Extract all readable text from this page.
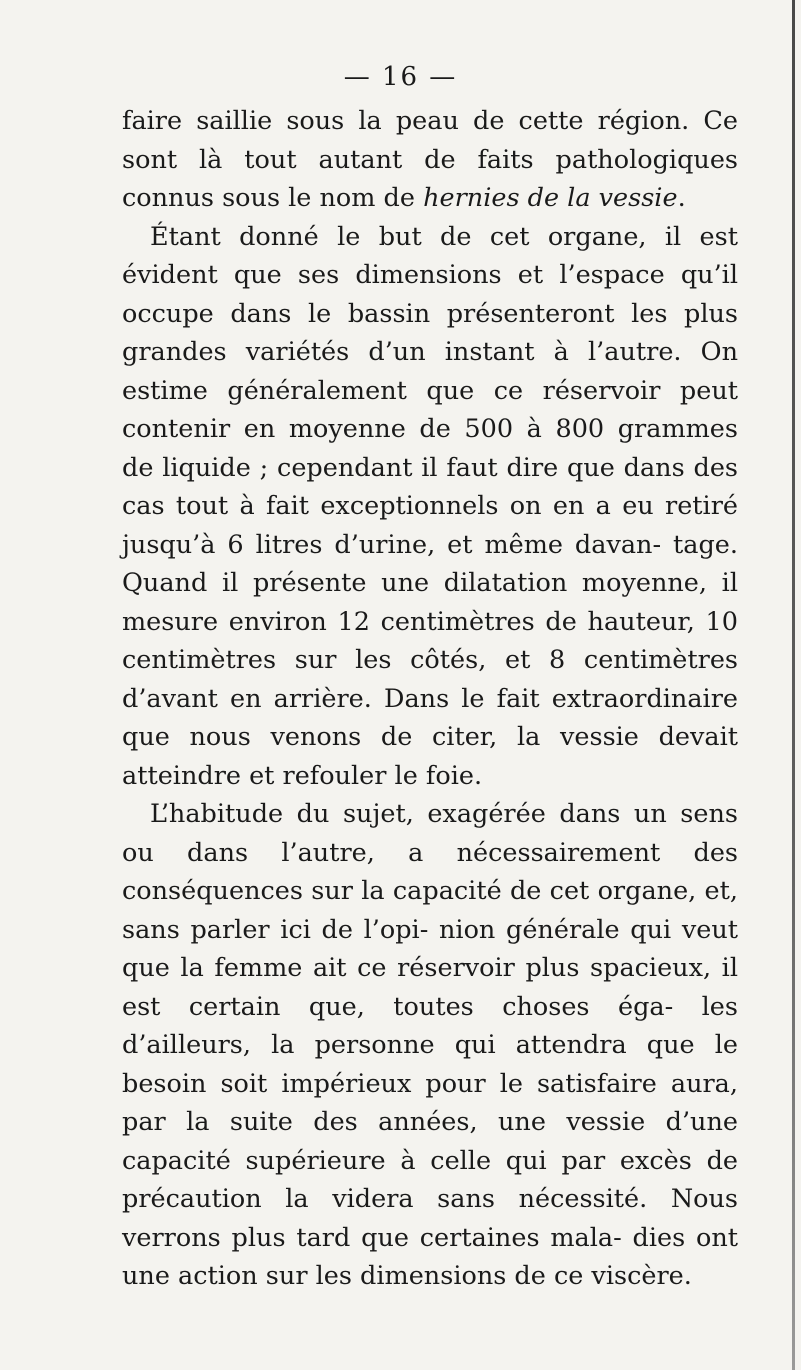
— 16 —

faire saillie sous la peau de cette région. Ce sont là tout autant de faits pathologiques connus sous le nom de hernies de la vessie.

Étant donné le but de cet organe, il est évident que ses dimensions et l’espace qu’il occupe dans le bassin présenteront les plus grandes variétés d’un instant à l’autre. On estime généralement que ce réservoir peut contenir en moyenne de 500 à 800 grammes de liquide ; cependant il faut dire que dans des cas tout à fait exceptionnels on en a eu retiré jusqu’à 6 litres d’urine, et même davan- tage. Quand il présente une dilatation moyenne, il mesure environ 12 centimètres de hauteur, 10 centimètres sur les côtés, et 8 centimètres d’avant en arrière. Dans le fait extraordinaire que nous venons de citer, la vessie devait atteindre et refouler le foie.

L’habitude du sujet, exagérée dans un sens ou dans l’autre, a nécessairement des conséquences sur la capacité de cet organe, et, sans parler ici de l’opi- nion générale qui veut que la femme ait ce réservoir plus spacieux, il est certain que, toutes choses éga- les d’ailleurs, la personne qui attendra que le besoin soit impérieux pour le satisfaire aura, par la suite des années, une vessie d’une capacité supérieure à celle qui par excès de précaution la videra sans nécessité. Nous verrons plus tard que certaines mala- dies ont une action sur les dimensions de ce viscère.
